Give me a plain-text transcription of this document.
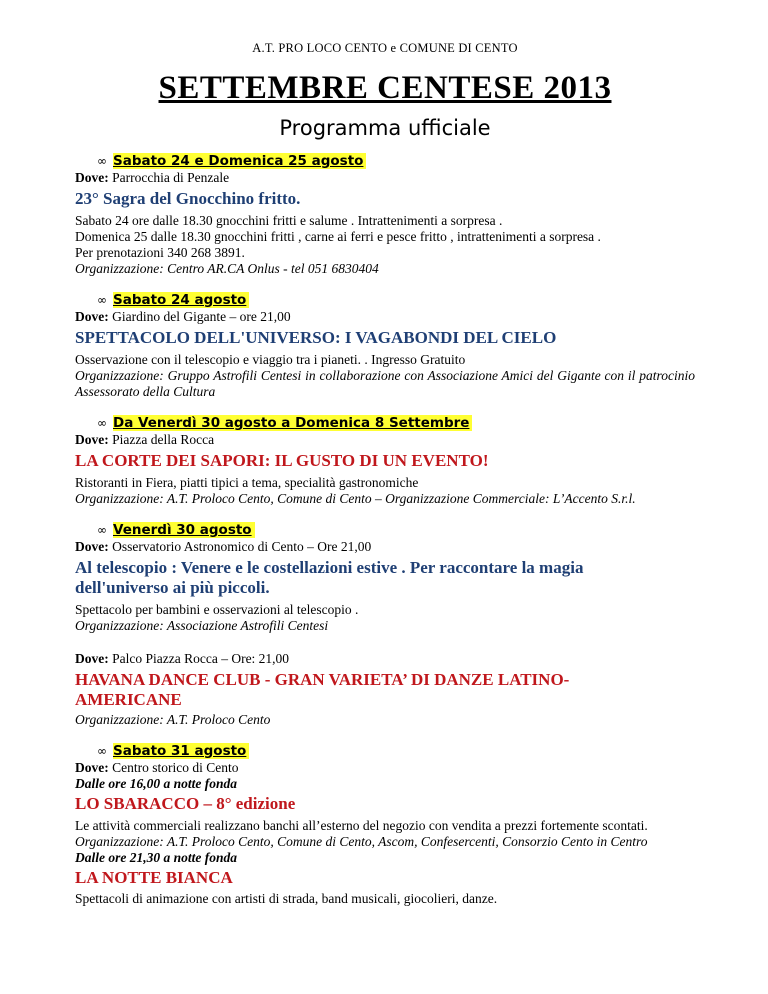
A.T. PRO LOCO CENTO e COMUNE DI CENTO
SETTEMBRE CENTESE 2013
Programma ufficiale
∞ Sabato 24 e Domenica 25 agosto
Dove: Parrocchia di Penzale
23° Sagra del Gnocchino fritto.
Sabato 24 ore dalle 18.30 gnocchini fritti e salume . Intrattenimenti a sorpresa .
Domenica 25 dalle 18.30 gnocchini fritti , carne ai ferri e pesce fritto , intrattenimenti a sorpresa .
Per prenotazioni 340 268 3891.
Organizzazione: Centro AR.CA Onlus - tel 051 6830404
∞ Sabato 24 agosto
Dove: Giardino del Gigante – ore 21,00
SPETTACOLO DELL'UNIVERSO: I VAGABONDI DEL CIELO
Osservazione con il telescopio e viaggio tra i pianeti. . Ingresso Gratuito
Organizzazione: Gruppo Astrofili Centesi in collaborazione con Associazione Amici del Gigante con il patrocinio Assessorato della Cultura
∞ Da Venerdì 30 agosto a Domenica 8 Settembre
Dove: Piazza della Rocca
LA CORTE DEI SAPORI: IL GUSTO DI UN EVENTO!
Ristoranti in Fiera, piatti tipici a tema, specialità gastronomiche
Organizzazione: A.T. Proloco Cento, Comune di Cento – Organizzazione Commerciale: L’Accento S.r.l.
∞ Venerdì 30 agosto
Dove: Osservatorio Astronomico di Cento – Ore 21,00
Al telescopio : Venere e le costellazioni estive . Per raccontare la magia dell'universo ai più piccoli.
Spettacolo per bambini e osservazioni al telescopio .
Organizzazione: Associazione Astrofili Centesi
Dove: Palco Piazza Rocca – Ore: 21,00
HAVANA DANCE CLUB - GRAN VARIETA’ DI DANZE LATINO-AMERICANE
Organizzazione: A.T. Proloco Cento
∞ Sabato 31 agosto
Dove: Centro storico di Cento
Dalle ore 16,00 a notte fonda
LO SBARACCO – 8° edizione
Le attività commerciali realizzano banchi all’esterno del negozio con vendita a prezzi fortemente scontati.
Organizzazione: A.T. Proloco Cento, Comune di Cento, Ascom, Confesercenti, Consorzio Cento in Centro
Dalle ore 21,30 a notte fonda
LA NOTTE BIANCA
Spettacoli di animazione con artisti di strada, band musicali, giocolieri, danze.
